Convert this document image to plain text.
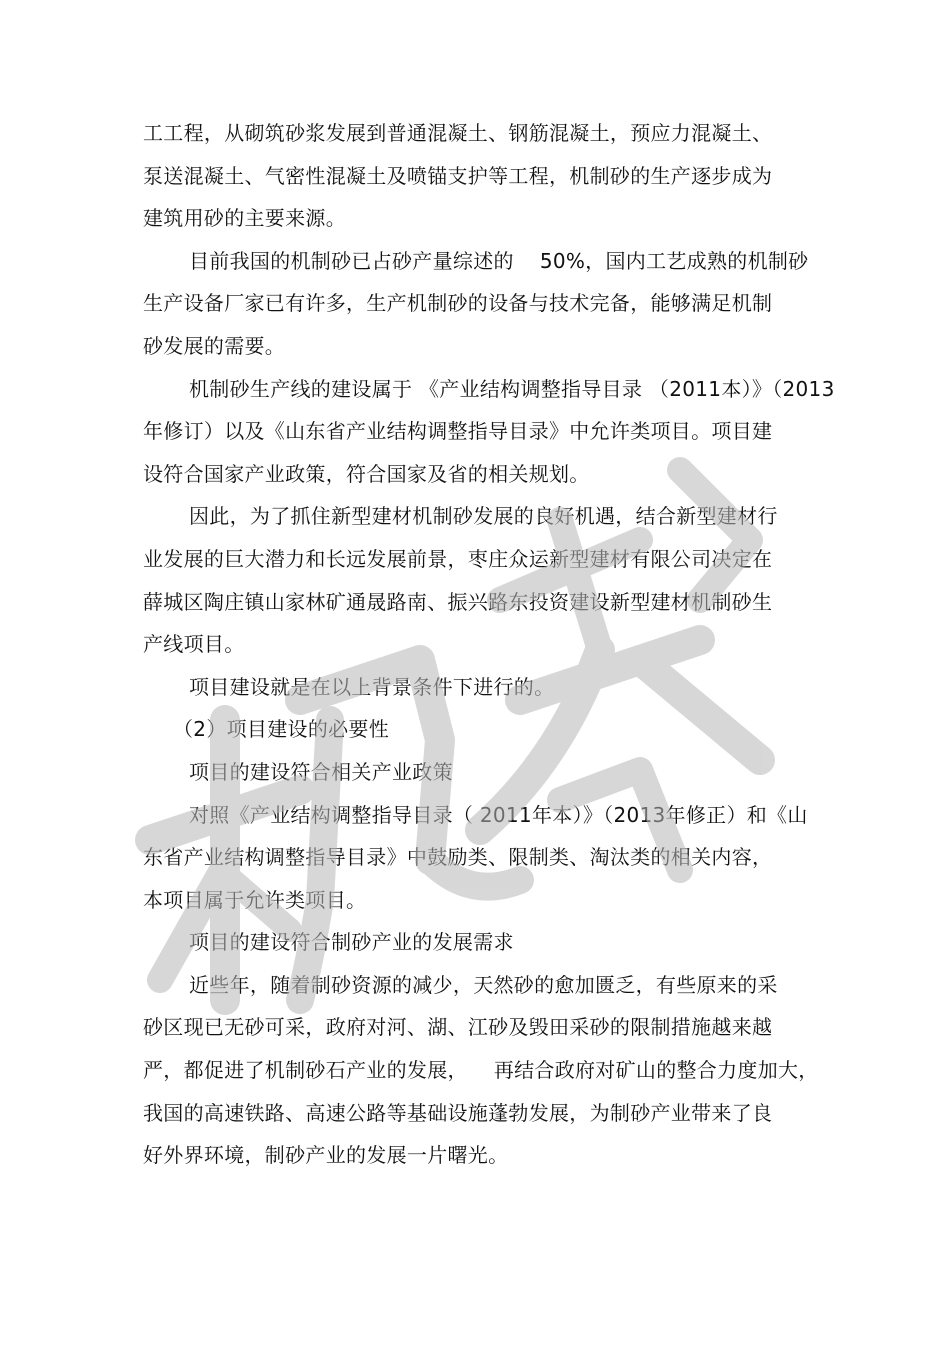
工工程，从砌筑砂浆发展到普通混凝土、钢筋混凝土，预应力混凝土、
泵送混凝土、气密性混凝土及喷锚支护等工程，机制砂的生产逐步成为
建筑用砂的主要来源。
目前我国的机制砂已占砂产量综述的 50%，国内工艺成熟的机制砂
生产设备厂家已有许多，生产机制砂的设备与技术完备，能够满足机制
砂发展的需要。
机制砂生产线的建设属于 《产业结构调整指导目录 （2011本）》（2013
年修订）以及《山东省产业结构调整指导目录》中允许类项目。项目建
设符合国家产业政策，符合国家及省的相关规划。
因此，为了抓住新型建材机制砂发展的良好机遇，结合新型建材行
业发展的巨大潜力和长远发展前景，枣庄众运新型建材有限公司决定在
薛城区陶庄镇山家林矿通晟路南、振兴路东投资建设新型建材机制砂生
产线项目。
项目建设就是在以上背景条件下进行的。
（2）项目建设的必要性
项目的建设符合相关产业政策
对照《产业结构调整指导目录（ 2011年本）》（2013年修正）和《山
东省产业结构调整指导目录》中鼓励类、限制类、淘汰类的相关内容，
本项目属于允许类项目。
项目的建设符合制砂产业的发展需求
近些年，随着制砂资源的减少，天然砂的愈加匮乏，有些原来的采
砂区现已无砂可采，政府对河、湖、江砂及毁田采砂的限制措施越来越
严，都促进了机制砂石产业的发展， 再结合政府对矿山的整合力度加大，
我国的高速铁路、高速公路等基础设施蓬勃发展，为制砂产业带来了良
好外界环境，制砂产业的发展一片曙光。
